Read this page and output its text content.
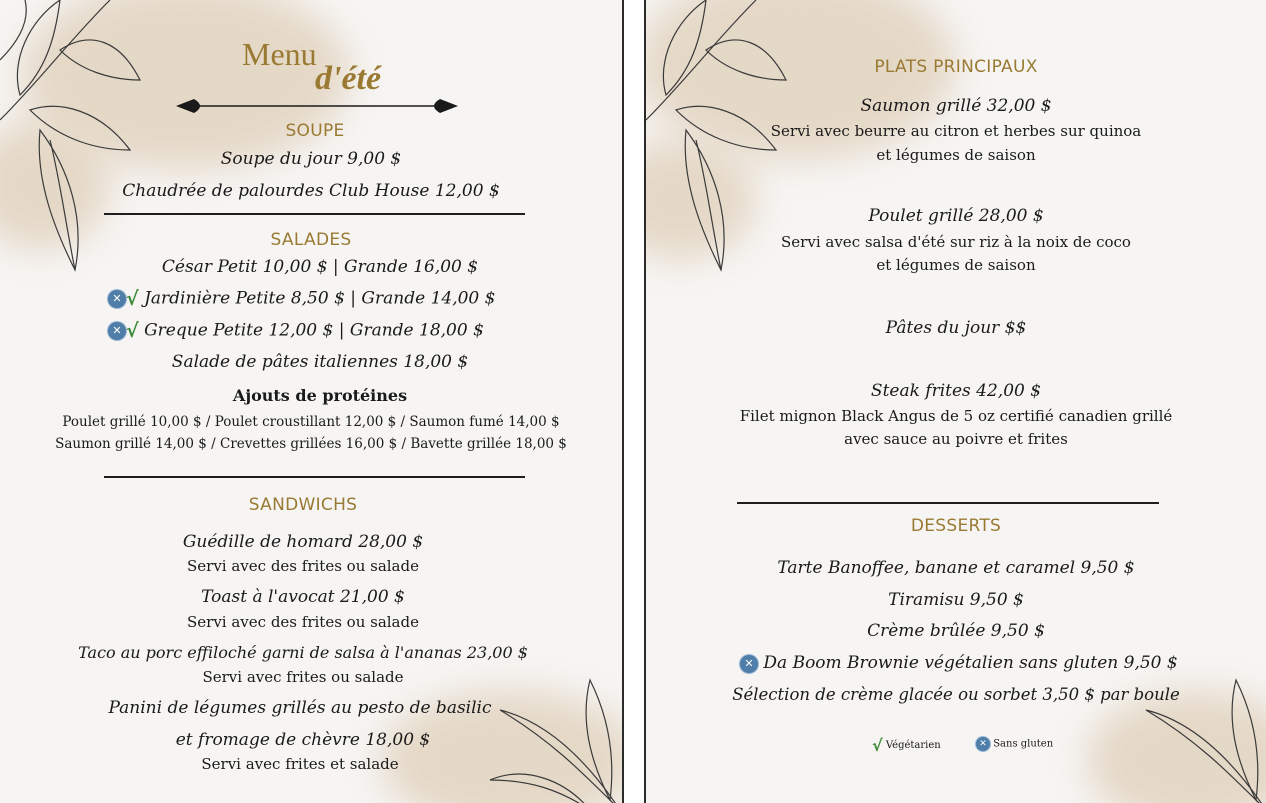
Menu
d'été
SOUPE
Soupe du jour 9,00 $
Chaudrée de palourdes Club House 12,00 $
SALADES
César Petit 10,00 $ | Grande 16,00 $
✕ √ Jardinière Petite 8,50 $ | Grande 14,00 $
✕ √ Greque Petite 12,00 $ | Grande 18,00 $
Salade de pâtes italiennes 18,00 $
Ajouts de protéines
Poulet grillé 10,00 $ / Poulet croustillant 12,00 $ / Saumon fumé 14,00 $
Saumon grillé 14,00 $ / Crevettes grillées 16,00 $ / Bavette grillée 18,00 $
SANDWICHS
Guédille de homard 28,00 $
Servi avec des frites ou salade
Toast à l'avocat 21,00 $
Servi avec des frites ou salade
Taco au porc effiloché garni de salsa à l'ananas 23,00 $
Servi avec frites ou salade
Panini de légumes grillés au pesto de basilic
et fromage de chèvre 18,00 $
Servi avec frites et salade
PLATS PRINCIPAUX
Saumon grillé 32,00 $
Servi avec beurre au citron et herbes sur quinoa
et légumes de saison
Poulet grillé 28,00 $
Servi avec salsa d'été sur riz à la noix de coco
et légumes de saison
Pâtes du jour $$
Steak frites 42,00 $
Filet mignon Black Angus de 5 oz certifié canadien grillé
avec sauce au poivre et frites
DESSERTS
Tarte Banoffee, banane et caramel 9,50 $
Tiramisu 9,50 $
Crème brûlée 9,50 $
✕ Da Boom Brownie végétalien sans gluten 9,50 $
Sélection de crème glacée ou sorbet 3,50 $ par boule
√ Végétarien	✕ Sans gluten
